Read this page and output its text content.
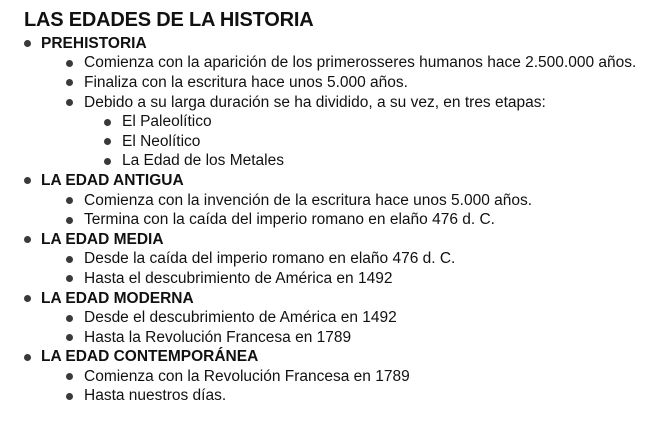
LAS EDADES DE LA HISTORIA
PREHISTORIA
Comienza con la aparición de los primerosseres humanos hace 2.500.000 años.
Finaliza con la escritura hace unos 5.000 años.
Debido a su larga duración se ha dividido, a su vez, en tres etapas:
El Paleolítico
El Neolítico
La Edad de los Metales
LA EDAD ANTIGUA
Comienza con la invención de la escritura hace unos 5.000 años.
Termina con la caída del imperio romano en elaño 476 d. C.
LA EDAD MEDIA
Desde la caída del imperio romano en elaño 476 d. C.
Hasta el descubrimiento de América en 1492
LA EDAD MODERNA
Desde el descubrimiento de América en 1492
Hasta la Revolución Francesa en 1789
LA EDAD CONTEMPORÁNEA
Comienza con la Revolución Francesa en 1789
Hasta nuestros días.
